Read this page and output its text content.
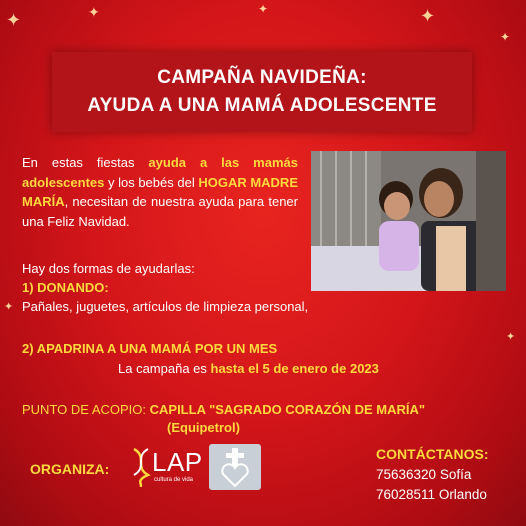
✦	✦	✦	✦
✦
✦
✦
CAMPAÑA NAVIDEÑA:
AYUDA A UNA MAMÁ ADOLESCENTE
En estas fiestas ayuda a las mamás adolescentes y los bebés del HOGAR MADRE MARÍA, necesitan de nuestra ayuda para tener una Feliz Navidad.
Hay dos formas de ayudarlas:
1) DONANDO:
Pañales, juguetes, artículos de limpieza personal,
2) APADRINA A UNA MAMÁ POR UN MES
La campaña es hasta el 5 de enero de 2023
PUNTO DE ACOPIO: CAPILLA "SAGRADO CORAZÓN DE MARÍA"
(Equipetrol)
ORGANIZA:	LAP
cultura de vida
CONTÁCTANOS:
75636320 Sofía
76028511 Orlando
